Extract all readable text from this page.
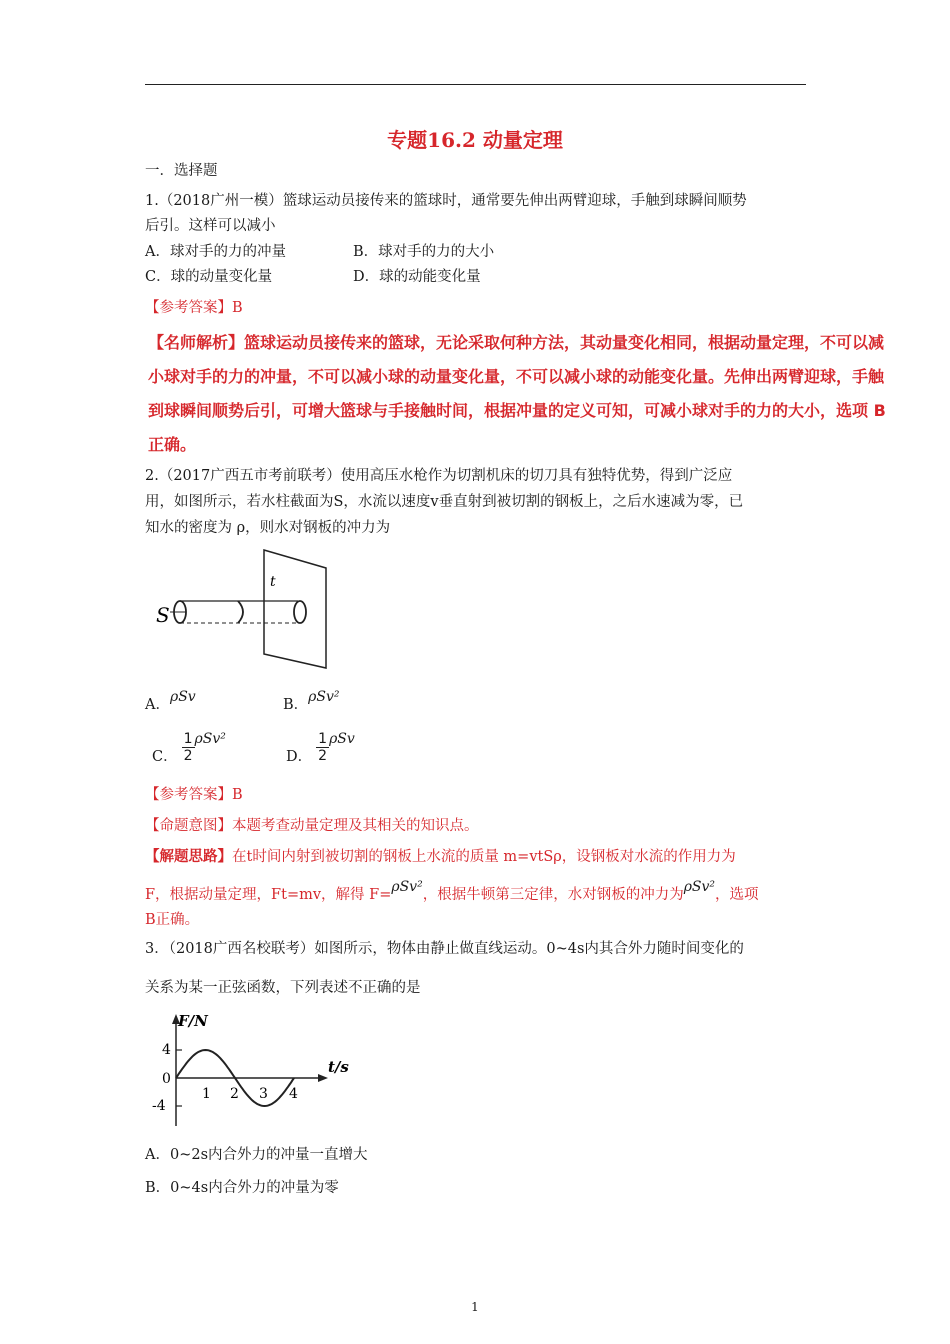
专题16.2 动量定理
一．选择题
1.（2018广州一模）篮球运动员接传来的篮球时，通常要先伸出两臂迎球，手触到球瞬间顺势
后引。这样可以减小
A．球对手的力的冲量	B．球对手的力的大小
C．球的动量变化量	D．球的动能变化量
【参考答案】B
【名师解析】篮球运动员接传来的篮球，无论采取何种方法，其动量变化相同，根据动量定理，不可以减
小球对手的力的冲量，不可以减小球的动量变化量，不可以减小球的动能变化量。先伸出两臂迎球，手触
到球瞬间顺势后引，可增大篮球与手接触时间，根据冲量的定义可知，可减小球对手的力的大小，选项 B
正确。
2.（2017广西五市考前联考）使用高压水枪作为切割机床的切刀具有独特优势，得到广泛应
用，如图所示，若水柱截面为S，水流以速度v垂直射到被切割的钢板上，之后水速减为零，已
知水的密度为 ρ，则水对钢板的冲力为
S
t
A．ρSv	B．ρSv²
C． $\frac{1}{2} \rho Sv^2$
D． $\frac{1}{2}$ ρSv
【参考答案】B
【命题意图】本题考查动量定理及其相关的知识点。
【解题思路】在t时间内射到被切割的钢板上水流的质量 m=vtSρ，设钢板对水流的作用力为
F，根据动量定理，Ft=mv，解得 F=ρSv²，根据牛顿第三定律，水对钢板的冲力为ρSv²，选项
B正确。
3．（2018广西名校联考）如图所示，物体由静止做直线运动。0~4s内其合外力随时间变化的
关系为某一正弦函数，下列表述不正确的是
F/N
t/s
4
0
-4
1 2 3 4
A．0~2s内合外力的冲量一直增大
B．0~4s内合外力的冲量为零
1
